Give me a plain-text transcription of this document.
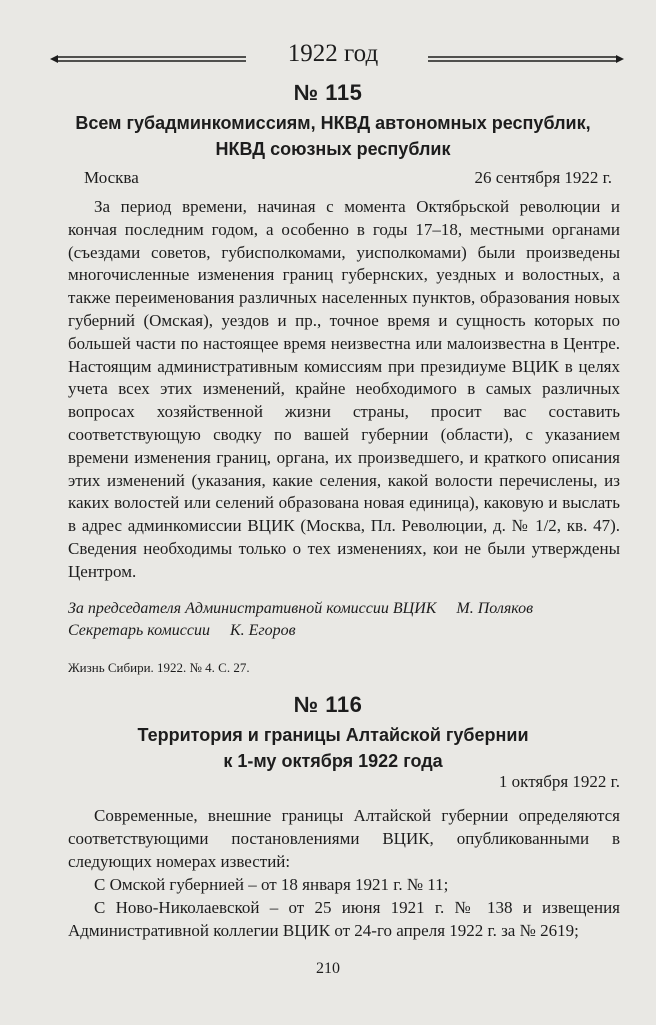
1922 год
№ 115
Всем губадминкомиссиям, НКВД автономных республик,
НКВД союзных республик
Москва	26 сентября 1922 г.

За период времени, начиная с момента Октябрьской революции и кончая последним годом, а особенно в годы 17–18, местными органами (съездами советов, губисполкомами, уисполкомами) были произведены многочисленные изменения границ губернских, уездных и волостных, а также переименования различных населенных пунктов, образования новых губерний (Омская), уездов и пр., точное время и сущность которых по большей части по настоящее время неизвестна или малоизвестна в Центре. Настоящим административным комиссиям при президиуме ВЦИК в целях учета всех этих изменений, крайне необходимого в самых различных вопросах хозяйственной жизни страны, просит вас составить соответствующую сводку по вашей губернии (области), с указанием времени изменения границ, органа, их произведшего, и краткого описания этих изменений (указания, какие селения, какой волости перечислены, из каких волостей или селений образована новая единица), каковую и выслать в адрес админкомиссии ВЦИК (Москва, Пл. Революции, д. № 1/2, кв. 47). Сведения необходимы только о тех изменениях, кои не были утверждены Центром.

За председателя Административной комиссии ВЦИК М. Поляков
Секретарь комиссии К. Егоров
Жизнь Сибири. 1922. № 4. С. 27.
№ 116
Территория и границы Алтайской губернии
к 1-му октября 1922 года
1 октября 1922 г.

Современные, внешние границы Алтайской губернии определяются соответствующими постановлениями ВЦИК, опубликованными в следующих номерах известий:

С Омской губернией – от 18 января 1921 г. № 11;

С Ново-Николаевской – от 25 июня 1921 г. № 138 и извещения Административной коллегии ВЦИК от 24-го апреля 1922 г. за № 2619;

210
